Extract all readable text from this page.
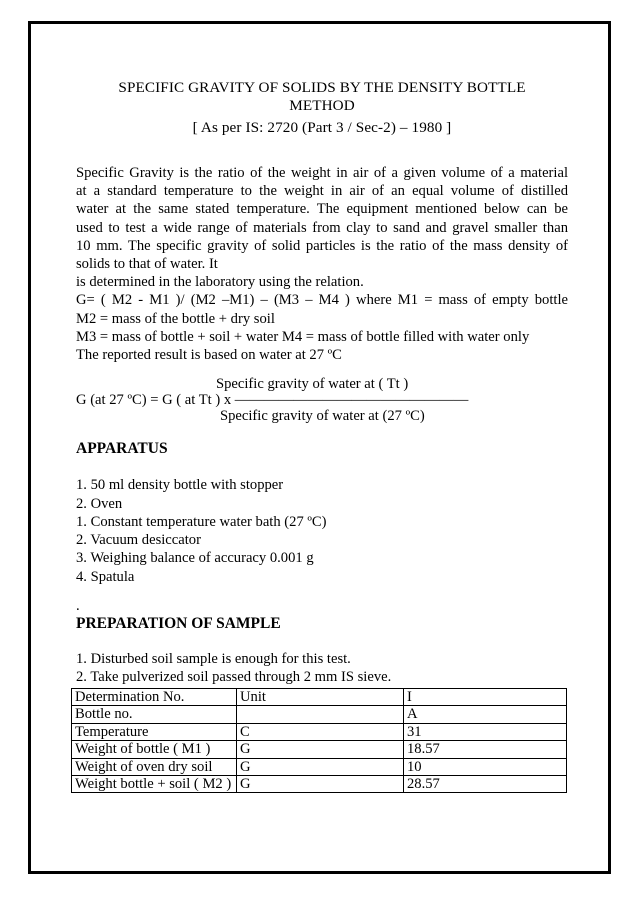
SPECIFIC GRAVITY OF SOLIDS BY THE DENSITY BOTTLE
METHOD
[ As per IS: 2720 (Part 3 / Sec-2) – 1980 ]
Specific Gravity is the ratio of the weight in air of a given volume of a material
at a standard temperature to the weight in air of an equal volume of distilled
water at the same stated temperature. The equipment mentioned below can be
used to test a wide range of materials from clay to sand and gravel smaller than
10 mm. The specific gravity of solid particles is the ratio of the mass density of
solids to that of water. It
is determined in the laboratory using the relation.
G= ( M2 - M1 )/ (M2 –M1) – (M3 – M4 ) where M1 = mass of empty bottle
M2 = mass of the bottle + dry soil
M3 = mass of bottle + soil + water M4 = mass of bottle filled with water only
The reported result is based on water at 27 ºC
Specific gravity of water at ( Tt )
G (at 27 ºC) = G ( at Tt ) x ————————————————
Specific gravity of water at (27 ºC)
APPARATUS
1. 50 ml density bottle with stopper
2. Oven
1. Constant temperature water bath (27 ºC)
2. Vacuum desiccator
3. Weighing balance of accuracy 0.001 g
4. Spatula
.
PREPARATION OF SAMPLE
1. Disturbed soil sample is enough for this test.
2. Take pulverized soil passed through 2 mm IS sieve.
Determination No.	Unit	I
Bottle no.		A
Temperature	C	31
Weight of bottle ( M1 )	G	18.57
Weight of oven dry soil	G	10
Weight bottle + soil ( M2 )	G	28.57
